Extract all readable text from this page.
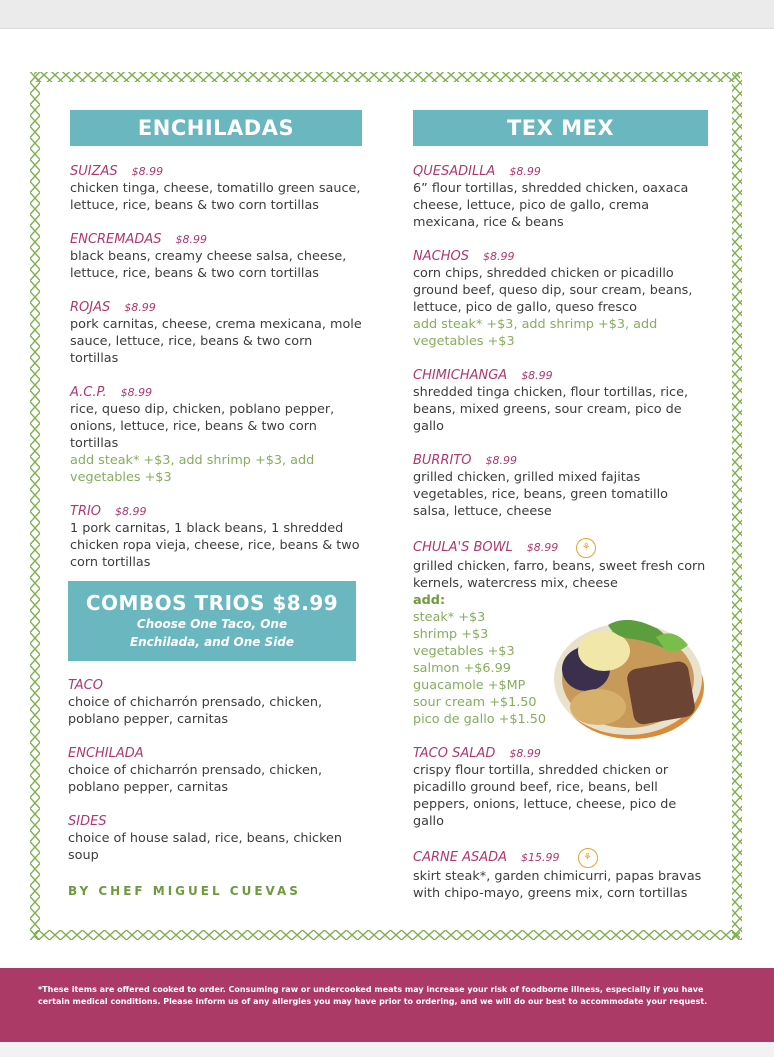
ENCHILADAS
SUIZAS $8.99
chicken tinga, cheese, tomatillo green sauce, lettuce, rice, beans & two corn tortillas
ENCREMADAS $8.99
black beans, creamy cheese salsa, cheese, lettuce, rice, beans & two corn tortillas
ROJAS $8.99
pork carnitas, cheese, crema mexicana, mole sauce, lettuce, rice, beans & two corn tortillas
A.C.P. $8.99
rice, queso dip, chicken, poblano pepper, onions, lettuce, rice, beans & two corn tortillas
add steak* +$3, add shrimp +$3, add vegetables +$3
TRIO $8.99
1 pork carnitas, 1 black beans, 1 shredded chicken ropa vieja, cheese, rice, beans & two corn tortillas
COMBOS TRIOS $8.99
Choose One Taco, One
Enchilada, and One Side
TACO
choice of chicharrón prensado, chicken, poblano pepper, carnitas
ENCHILADA
choice of chicharrón prensado, chicken, poblano pepper, carnitas
SIDES
choice of house salad, rice, beans, chicken soup
BY CHEF MIGUEL CUEVAS
TEX MEX
QUESADILLA $8.99
6” flour tortillas, shredded chicken, oaxaca cheese, lettuce, pico de gallo, crema mexicana, rice & beans
NACHOS $8.99
corn chips, shredded chicken or picadillo ground beef, queso dip, sour cream, beans, lettuce, pico de gallo, queso fresco
add steak* +$3, add shrimp +$3, add vegetables +$3
CHIMICHANGA $8.99
shredded tinga chicken, flour tortillas, rice, beans, mixed greens, sour cream, pico de gallo
BURRITO $8.99
grilled chicken, grilled mixed fajitas vegetables, rice, beans, green tomatillo salsa, lettuce, cheese
CHULA'S BOWL $8.99	⚘
grilled chicken, farro, beans, sweet fresh corn kernels, watercress mix, cheese
add:
steak* +$3
shrimp +$3
vegetables +$3
salmon +$6.99
guacamole +$MP
sour cream +$1.50
pico de gallo +$1.50
TACO SALAD $8.99
crispy flour tortilla, shredded chicken or picadillo ground beef, rice, beans, bell peppers, onions, lettuce, cheese, pico de gallo
CARNE ASADA $15.99	⚘
skirt steak*, garden chimicurri, papas bravas with chipo-mayo, greens mix, corn tortillas
*These items are offered cooked to order. Consuming raw or undercooked meats may increase your risk of foodborne illness, especially if you have certain medical conditions. Please inform us of any allergies you may have prior to ordering, and we will do our best to accommodate your request.
